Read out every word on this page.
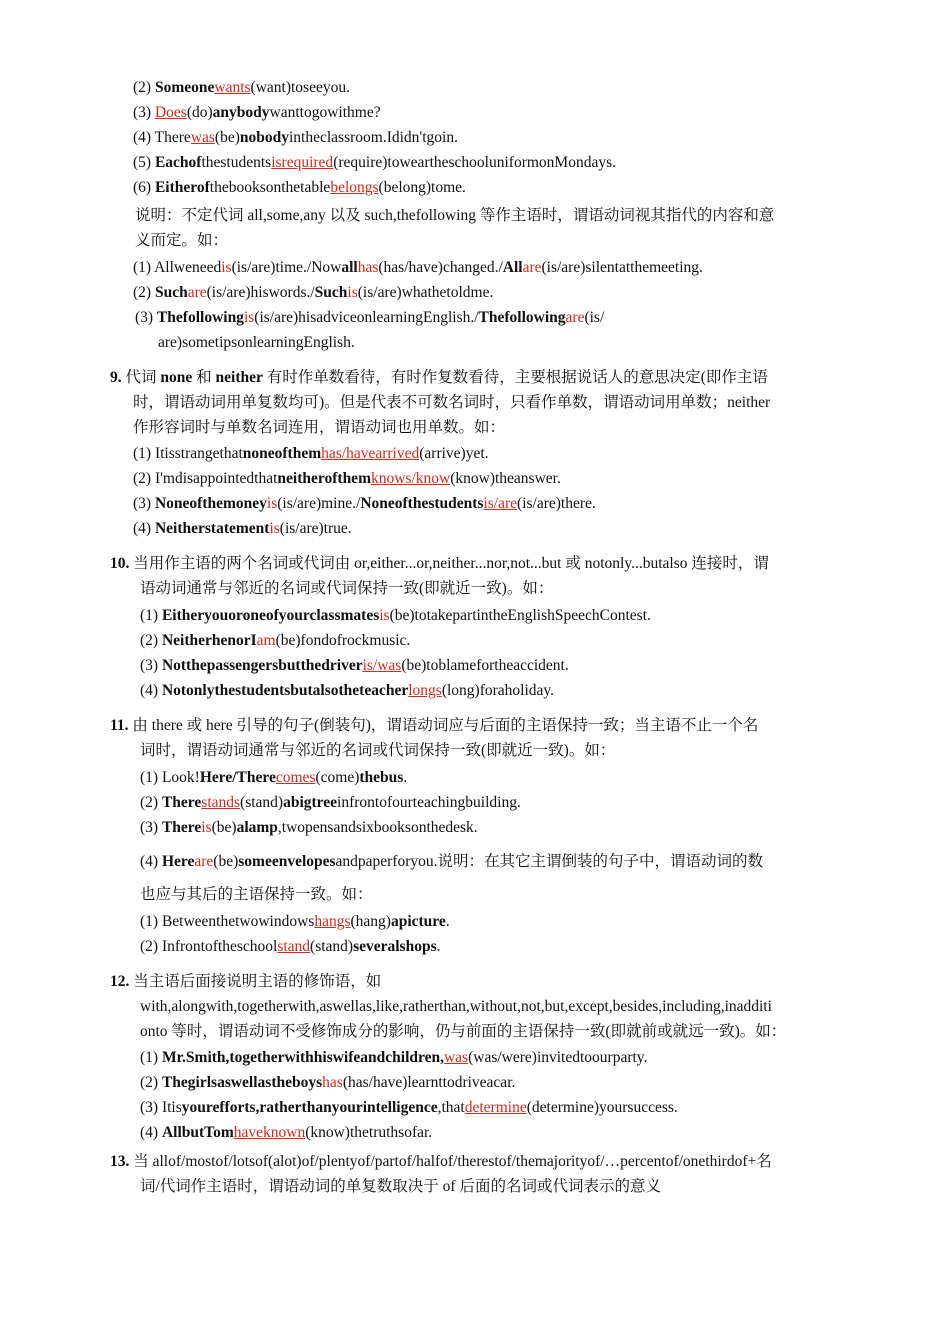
(2) Someonewants(want)toseeyou.
(3) Does(do)anybodywanttogowithme?
(4) Therewas(be)nobodyintheclassroom.Ididn'tgoin.
(5) Eachofthestudentsisrequired(require)toweartheschooluniformonMondays.
(6) Eitherofthebooksonthetablebelongs(belong)tome.
说明：不定代词 all,some,any 以及 such,thefollowing 等作主语时，谓语动词视其指代的内容和意
义而定。如：
(1) Allweneedis(is/are)time./Nowallhas(has/have)changed./Allare(is/are)silentatthemeeting.
(2) Suchare(is/are)hiswords./Suchis(is/are)whathetoldme.
(3) Thefollowingis(is/are)hisadviceonlearningEnglish./Thefollowingare(is/
are)sometipsonlearningEnglish.
9. 代词 none 和 neither 有时作单数看待，有时作复数看待，主要根据说话人的意思决定(即作主语
时，谓语动词用单复数均可)。但是代表不可数名词时，只看作单数，谓语动词用单数；neither
作形容词时与单数名词连用，谓语动词也用单数。如：
(1) Itisstrangethatnoneofthemhas/havearrived(arrive)yet.
(2) I'mdisappointedthatneitherofthemknows/know(know)theanswer.
(3) Noneofthemoneyis(is/are)mine./Noneofthestudentsis/are(is/are)there.
(4) Neitherstatementis(is/are)true.
10. 当用作主语的两个名词或代词由 or,either...or,neither...nor,not...but 或 notonly...butalso 连接时，谓
语动词通常与邻近的名词或代词保持一致(即就近一致)。如：
(1) Eitheryouoroneofyourclassmatesis(be)totakepartintheEnglishSpeechContest.
(2) NeitherhenorIam(be)fondofrockmusic.
(3) Notthepassengersbutthedriveris/was(be)toblamefortheaccident.
(4) Notonlythestudentsbutalsotheteacherlongs(long)foraholiday.
11. 由 there 或 here 引导的句子(倒装句)，谓语动词应与后面的主语保持一致；当主语不止一个名
词时，谓语动词通常与邻近的名词或代词保持一致(即就近一致)。如：
(1) Look!Here/Therecomes(come)thebus.
(2) Therestands(stand)abigtreeinfrontofourteachingbuilding.
(3) Thereis(be)alamp,twopensandsixbooksonthedesk.
(4) Hereare(be)someenvelopesandpaperforyou.说明：在其它主谓倒装的句子中，谓语动词的数
也应与其后的主语保持一致。如：
(1) Betweenthetwowindowshangs(hang)apicture.
(2) Infrontoftheschoolstand(stand)severalshops.
12. 当主语后面接说明主语的修饰语，如
with,alongwith,togetherwith,aswellas,like,ratherthan,without,not,but,except,besides,including,inadditi
onto 等时，谓语动词不受修饰成分的影响，仍与前面的主语保持一致(即就前或就远一致)。如：
(1) Mr.Smith,togetherwithhiswifeandchildren,was(was/were)invitedtoourparty.
(2) Thegirlsaswellastheboyshas(has/have)learnttodriveacar.
(3) Itisyourefforts,ratherthanyourintelligence,thatdetermine(determine)yoursuccess.
(4) AllbutTomhaveknown(know)thetruthsofar.
13. 当 allof/mostof/lotsof(alot)of/plentyof/partof/halfof/therestof/themajorityof/…percentof/onethirdof+名
词/代词作主语时，谓语动词的单复数取决于 of 后面的名词或代词表示的意义
